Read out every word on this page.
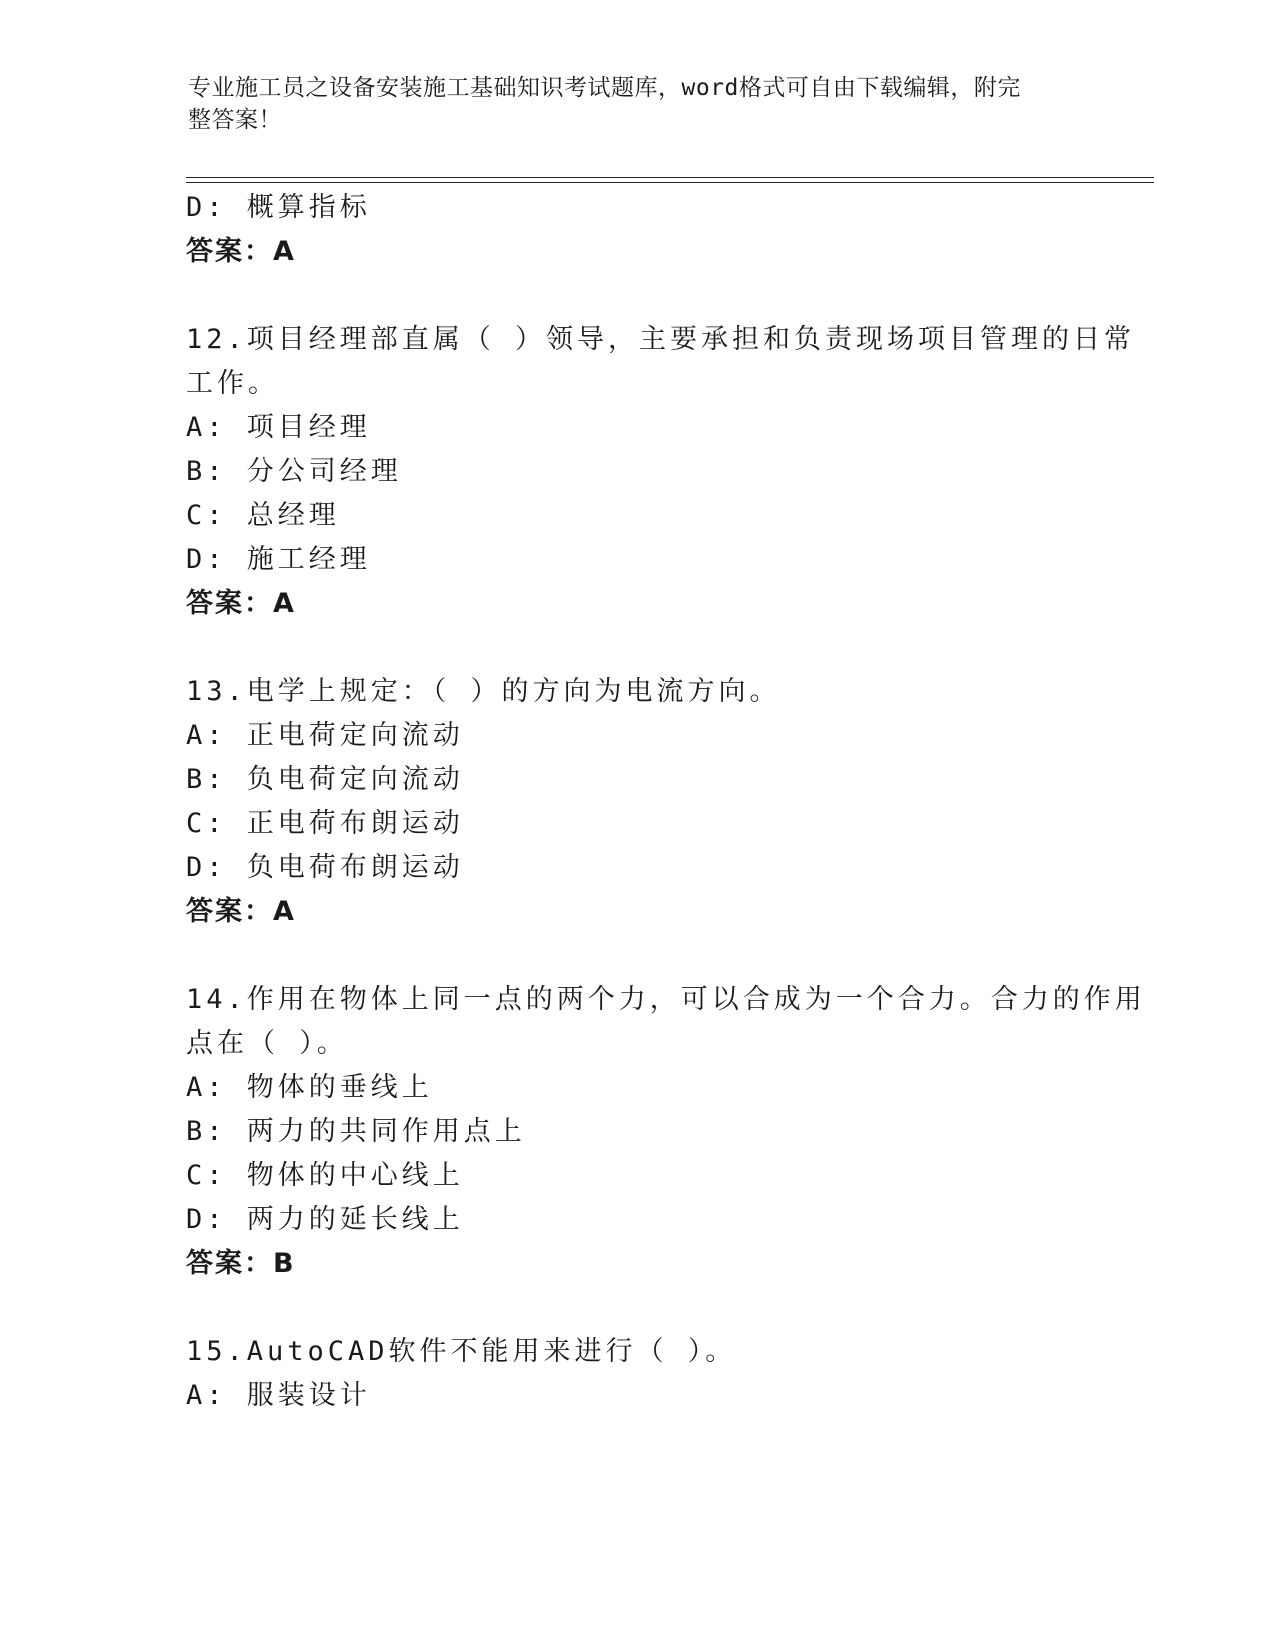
专业施工员之设备安装施工基础知识考试题库，word格式可自由下载编辑，附完
整答案！
D: 概算指标
答案：A
12.项目经理部直属（ ）领导，主要承担和负责现场项目管理的日常
工作。
A: 项目经理
B: 分公司经理
C: 总经理
D: 施工经理
答案：A
13.电学上规定：（ ）的方向为电流方向。
A: 正电荷定向流动
B: 负电荷定向流动
C: 正电荷布朗运动
D: 负电荷布朗运动
答案：A
14.作用在物体上同一点的两个力，可以合成为一个合力。合力的作用
点在（ ）。
A: 物体的垂线上
B: 两力的共同作用点上
C: 物体的中心线上
D: 两力的延长线上
答案：B
15.AutoCAD软件不能用来进行（ ）。
A: 服装设计
